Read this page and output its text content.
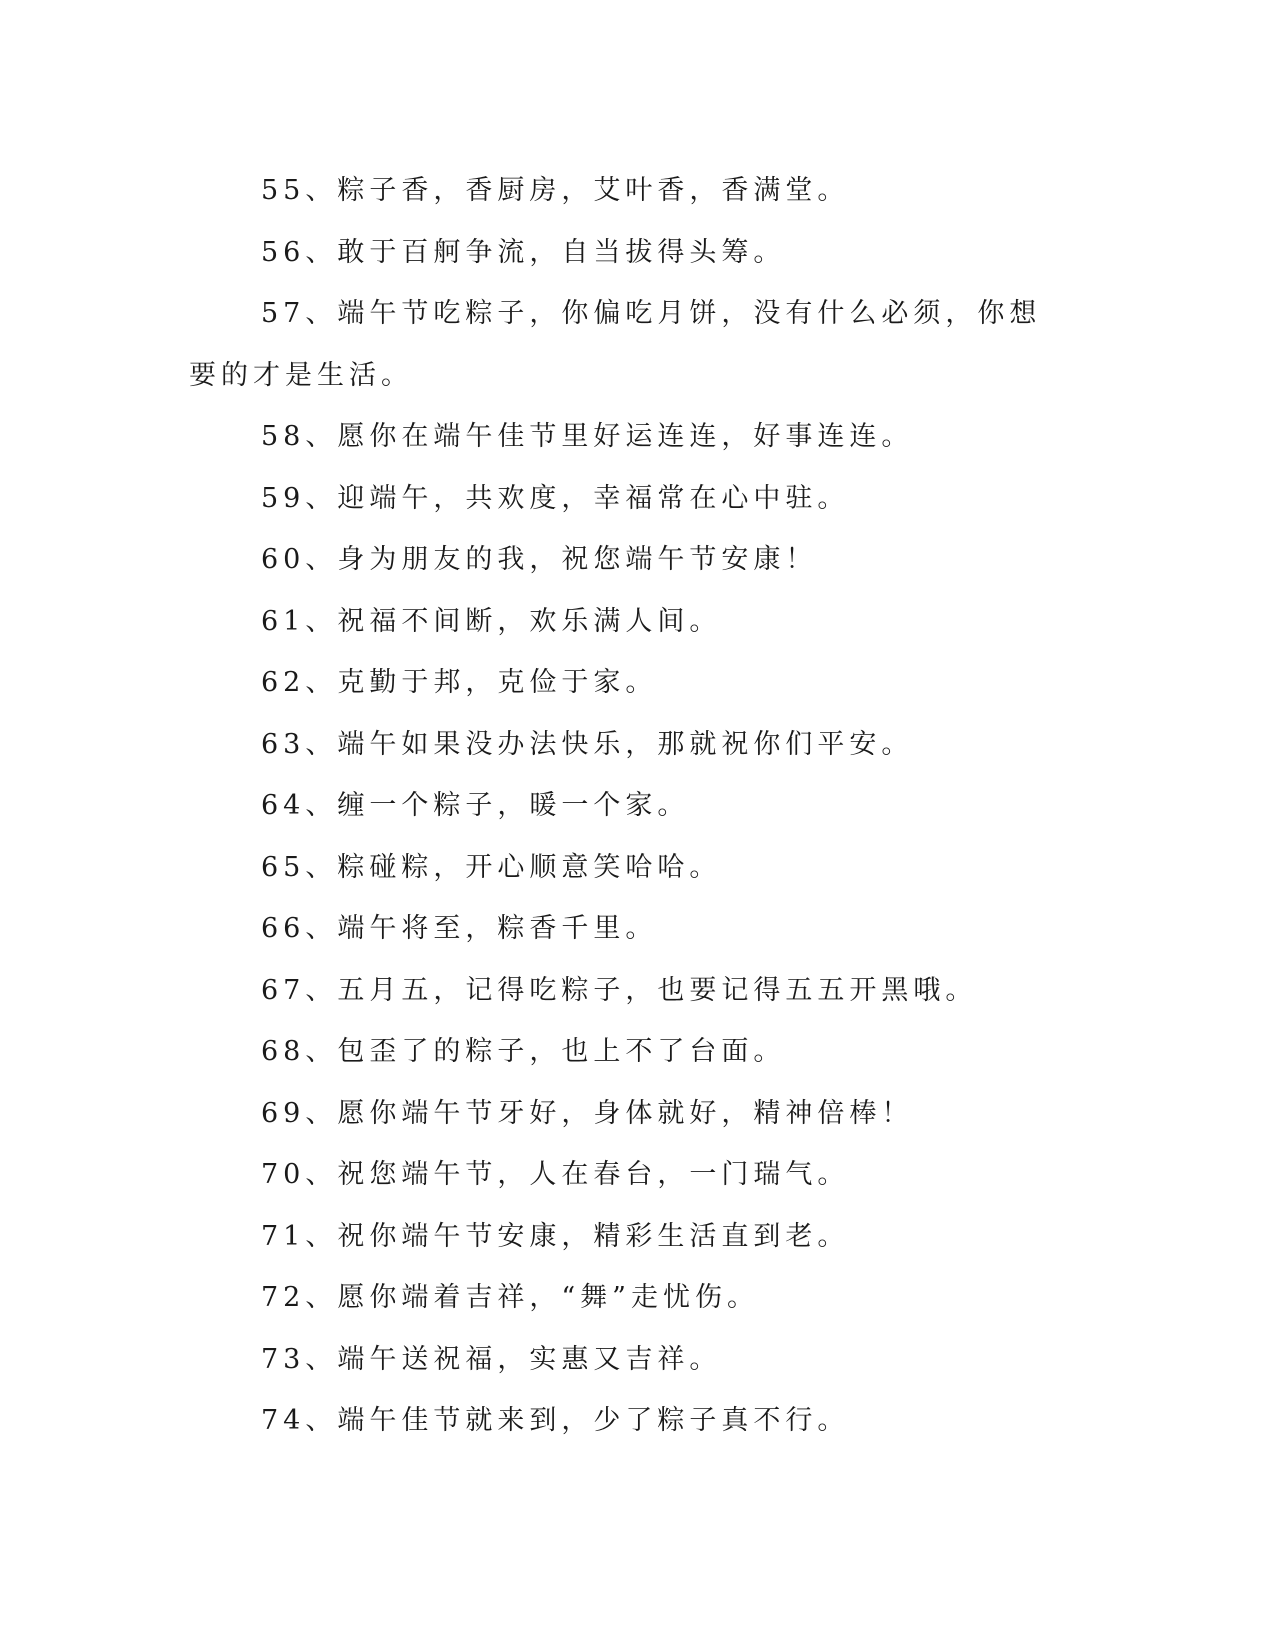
55、粽子香，香厨房，艾叶香，香满堂。

56、敢于百舸争流，自当拔得头筹。

57、端午节吃粽子，你偏吃月饼，没有什么必须，你想要的才是生活。

58、愿你在端午佳节里好运连连，好事连连。

59、迎端午，共欢度，幸福常在心中驻。

60、身为朋友的我，祝您端午节安康！

61、祝福不间断，欢乐满人间。

62、克勤于邦，克俭于家。

63、端午如果没办法快乐，那就祝你们平安。

64、缠一个粽子，暖一个家。

65、粽碰粽，开心顺意笑哈哈。

66、端午将至，粽香千里。

67、五月五，记得吃粽子，也要记得五五开黑哦。

68、包歪了的粽子，也上不了台面。

69、愿你端午节牙好，身体就好，精神倍棒！

70、祝您端午节，人在春台，一门瑞气。

71、祝你端午节安康，精彩生活直到老。

72、愿你端着吉祥，“舞”走忧伤。

73、端午送祝福，实惠又吉祥。

74、端午佳节就来到，少了粽子真不行。
